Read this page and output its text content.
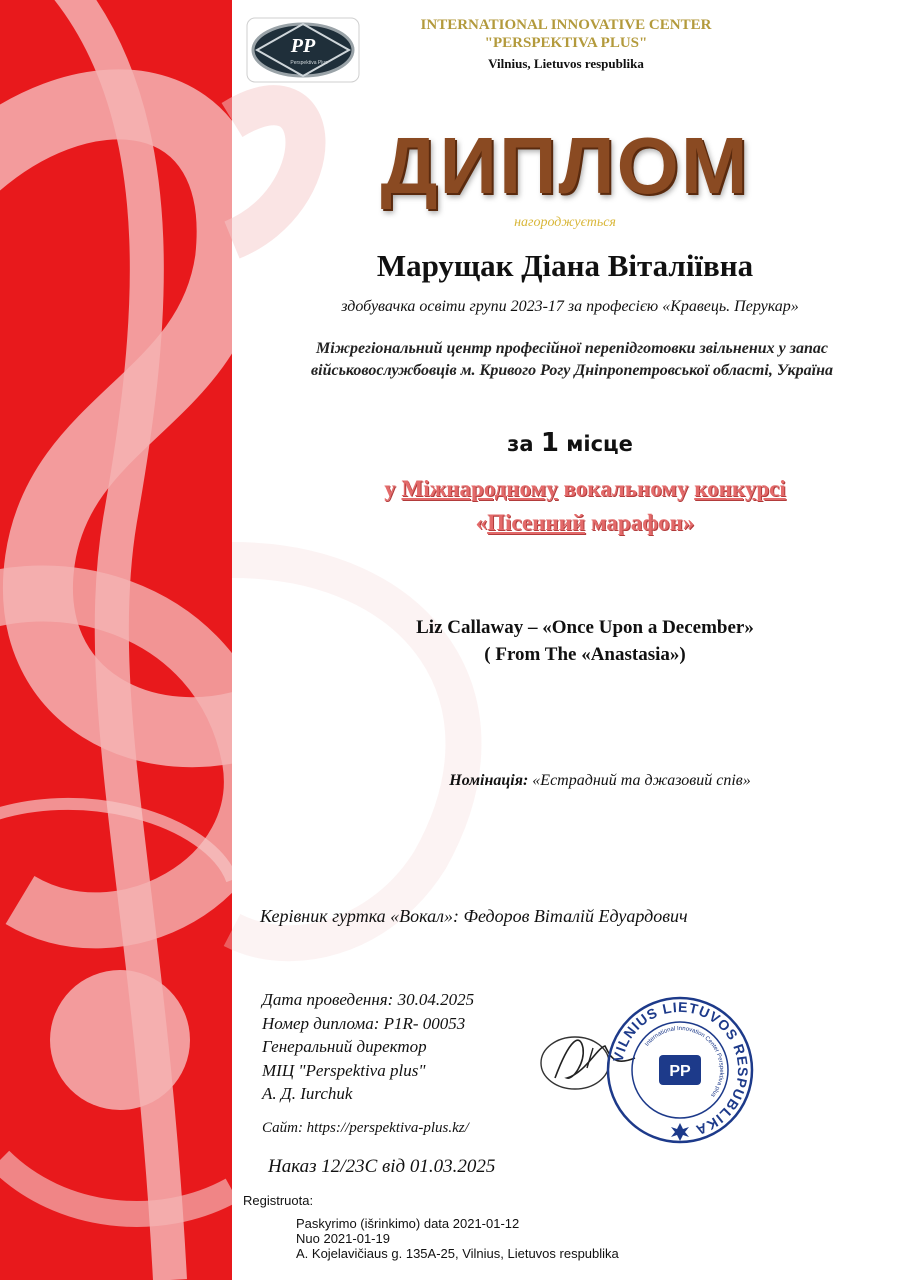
PP
Perspektiva Plus
INTERNATIONAL INNOVATIVE CENTER
"PERSPEKTIVA PLUS"
Vilnius, Lietuvos respublika
ДИПЛОМ
нагороджується
Марущак Діана Віталіївна
здобувачка освіти групи 2023-17 за професією «Кравець. Перукар»
Міжрегіональний центр професійної перепідготовки звільнених у запас
військовослужбовців м. Кривого Рогу Дніпропетровської області, Україна
за 1 місце
у Міжнародному вокальному конкурсі
«Пісенний марафон»
Liz Callaway – «Once Upon a December»
( From The «Anastasia»)
Номінація: «Естрадний та джазовий спів»
Керівник гуртка «Вокал»: Федоров Віталій Едуардович
Дата проведення: 30.04.2025
Номер диплома: P1R- 00053
Генеральний директор
МІЦ "Perspektiva plus"
А. Д. Iurchuk
Сайт: https://perspektiva-plus.kz/
Наказ 12/23С від 01.03.2025
VILNIUS LIETUVOS RESPUBLIKA
International Innovation Center Perspektiva plus
PP
Registruota:
Paskyrimo (išrinkimo) data 2021-01-12
Nuo 2021-01-19
A. Kojelavičiaus g. 135A-25, Vilnius, Lietuvos respublika
